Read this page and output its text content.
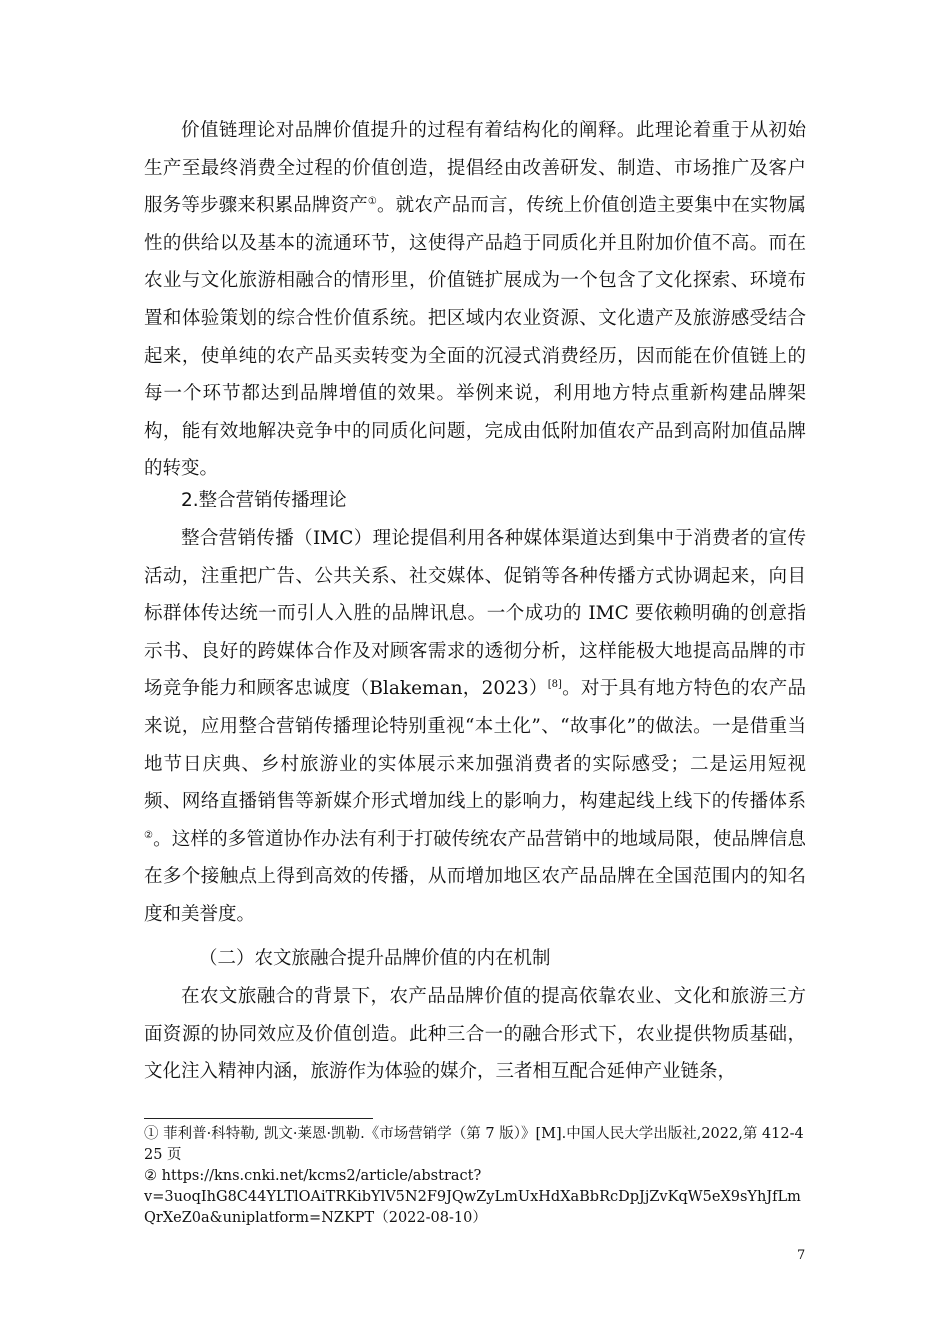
价值链理论对品牌价值提升的过程有着结构化的阐释。此理论着重于从初始生产至最终消费全过程的价值创造，提倡经由改善研发、制造、市场推广及客户服务等步骤来积累品牌资产①。就农产品而言，传统上价值创造主要集中在实物属性的供给以及基本的流通环节，这使得产品趋于同质化并且附加价值不高。而在农业与文化旅游相融合的情形里，价值链扩展成为一个包含了文化探索、环境布置和体验策划的综合性价值系统。把区域内农业资源、文化遗产及旅游感受结合起来，使单纯的农产品买卖转变为全面的沉浸式消费经历，因而能在价值链上的每一个环节都达到品牌增值的效果。举例来说，利用地方特点重新构建品牌架构，能有效地解决竞争中的同质化问题，完成由低附加值农产品到高附加值品牌的转变。

2.整合营销传播理论

整合营销传播（IMC）理论提倡利用各种媒体渠道达到集中于消费者的宣传活动，注重把广告、公共关系、社交媒体、促销等各种传播方式协调起来，向目标群体传达统一而引人入胜的品牌讯息。一个成功的 IMC 要依赖明确的创意指示书、良好的跨媒体合作及对顾客需求的透彻分析，这样能极大地提高品牌的市场竞争能力和顾客忠诚度（Blakeman，2023）[8]。对于具有地方特色的农产品来说，应用整合营销传播理论特别重视“本土化”、“故事化”的做法。一是借重当地节日庆典、乡村旅游业的实体展示来加强消费者的实际感受；二是运用短视频、网络直播销售等新媒介形式增加线上的影响力，构建起线上线下的传播体系②。这样的多管道协作办法有利于打破传统农产品营销中的地域局限，使品牌信息在多个接触点上得到高效的传播，从而增加地区农产品品牌在全国范围内的知名度和美誉度。

（二）农文旅融合提升品牌价值的内在机制

在农文旅融合的背景下，农产品品牌价值的提高依靠农业、文化和旅游三方面资源的协同效应及价值创造。此种三合一的融合形式下，农业提供物质基础，文化注入精神内涵，旅游作为体验的媒介，三者相互配合延伸产业链条，

① 菲利普·科特勒, 凯文·莱恩·凯勒.《市场营销学（第 7 版）》[M].中国人民大学出版社,2022,第 412-425 页

② https://kns.cnki.net/kcms2/article/abstract?

v=3uoqIhG8C44YLTlOAiTRKibYlV5N2F9JQwZyLmUxHdXaBbRcDpJjZvKqW5eX9sYhJfLmQrXeZ0a&uniplatform=NZKPT（2022-08-10）

7
